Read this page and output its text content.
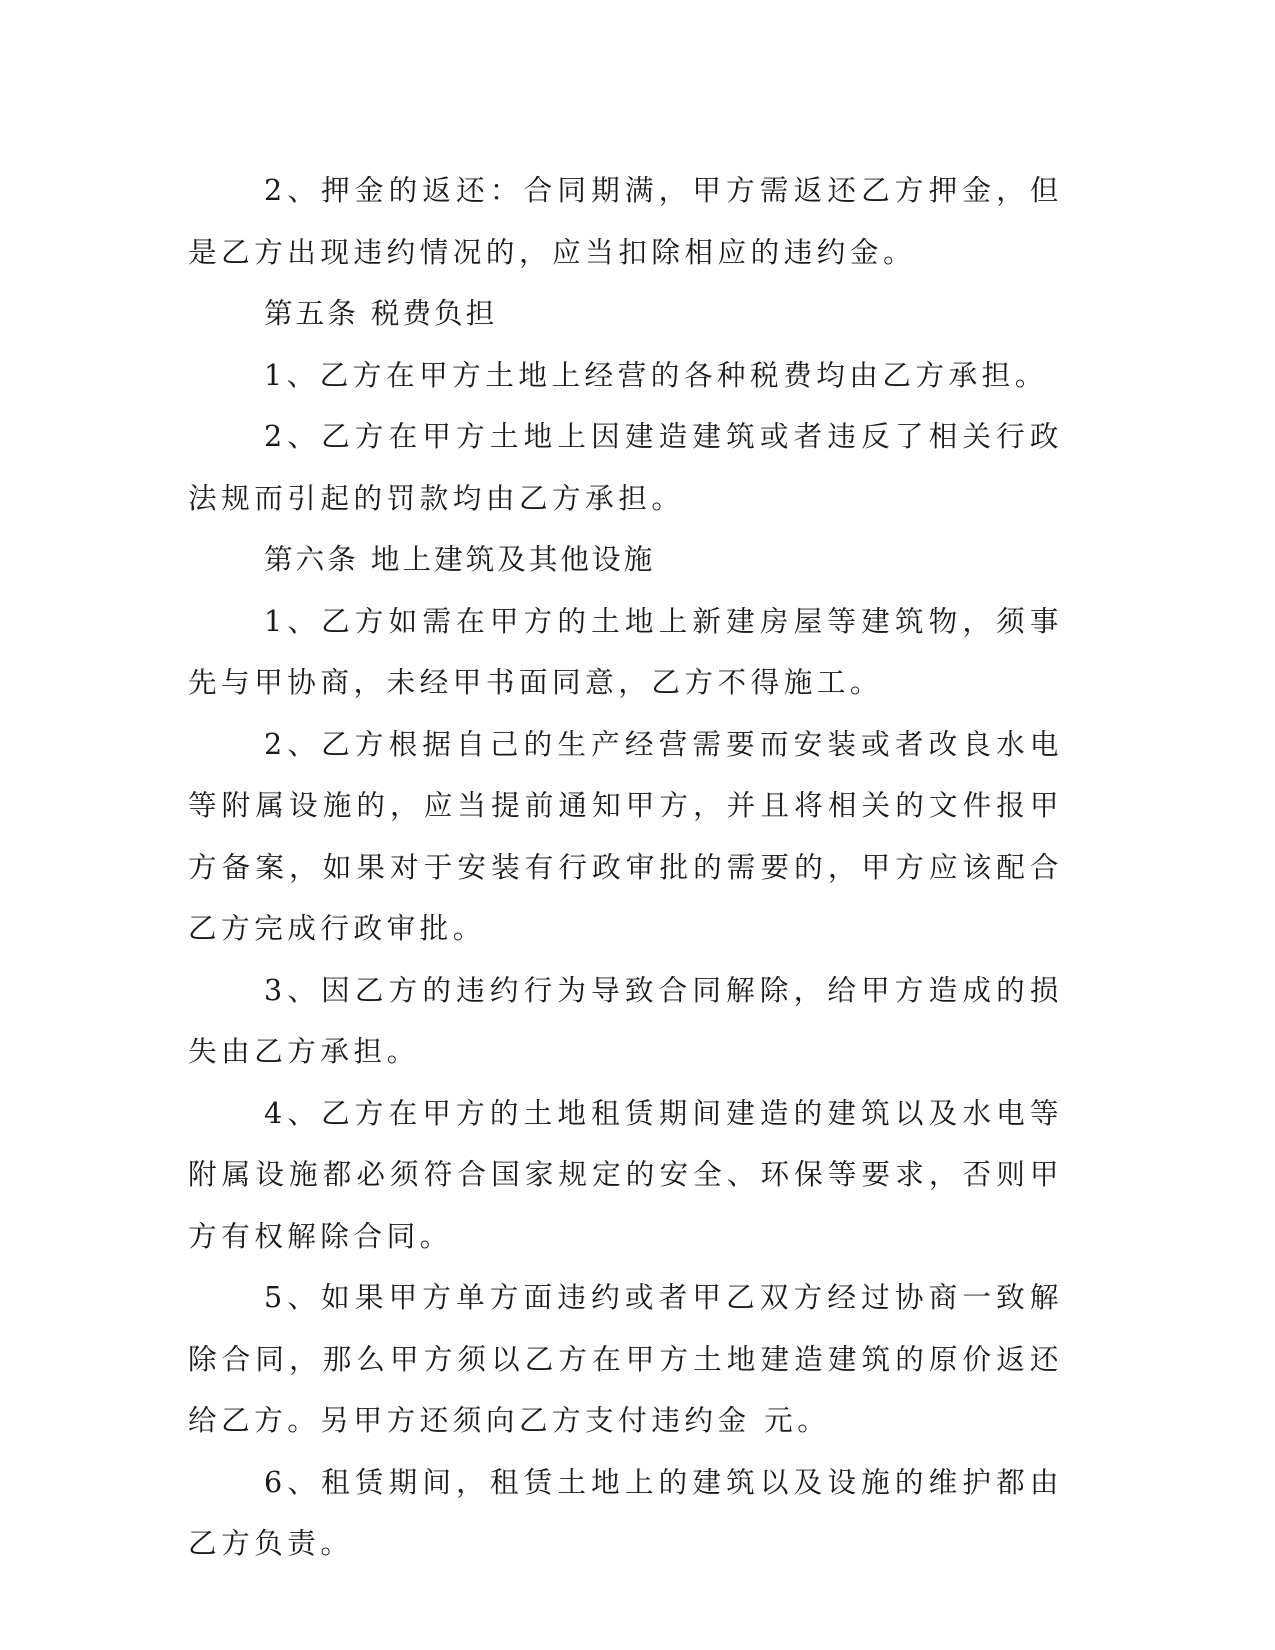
2、押金的返还：合同期满，甲方需返还乙方押金，但是乙方出现违约情况的，应当扣除相应的违约金。

第五条 税费负担

1、乙方在甲方土地上经营的各种税费均由乙方承担。

2、乙方在甲方土地上因建造建筑或者违反了相关行政法规而引起的罚款均由乙方承担。

第六条 地上建筑及其他设施

1、乙方如需在甲方的土地上新建房屋等建筑物，须事先与甲协商，未经甲书面同意，乙方不得施工。

2、乙方根据自己的生产经营需要而安装或者改良水电等附属设施的，应当提前通知甲方，并且将相关的文件报甲方备案，如果对于安装有行政审批的需要的，甲方应该配合乙方完成行政审批。

3、因乙方的违约行为导致合同解除，给甲方造成的损失由乙方承担。

4、乙方在甲方的土地租赁期间建造的建筑以及水电等附属设施都必须符合国家规定的安全、环保等要求，否则甲方有权解除合同。

5、如果甲方单方面违约或者甲乙双方经过协商一致解除合同，那么甲方须以乙方在甲方土地建造建筑的原价返还给乙方。另甲方还须向乙方支付违约金 元。

6、租赁期间，租赁土地上的建筑以及设施的维护都由乙方负责。
